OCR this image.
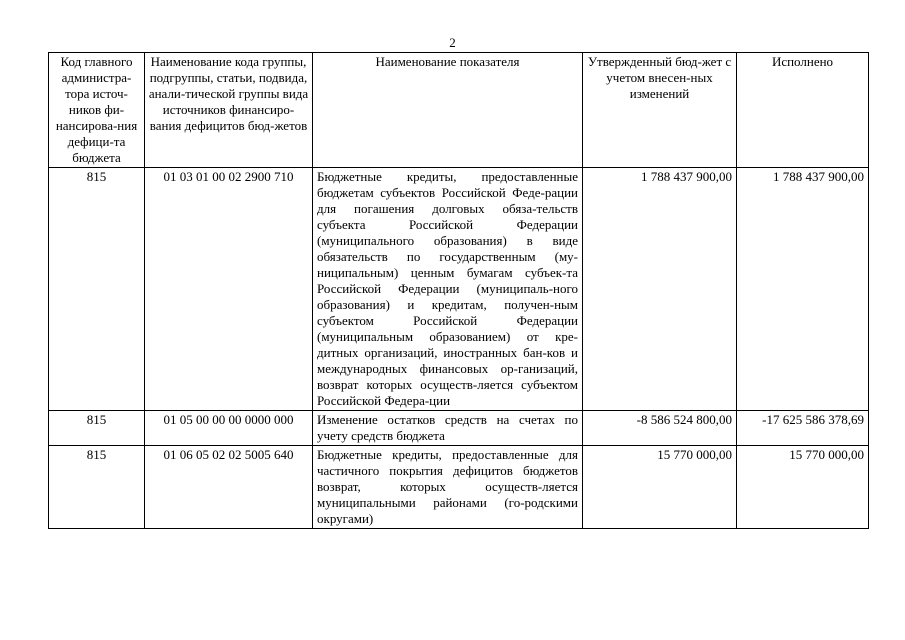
2
Код главного администра-тора источ-ников фи-нансирова-ния дефици-та бюджета	Наименование кода группы, подгруппы, статьи, подвида, анали-тической группы вида источников финансиро-вания дефицитов бюд-жетов	Наименование показателя	Утвержденный бюд-жет с учетом внесен-ных изменений	Исполнено
815	01 03 01 00 02 2900 710	Бюджетные кредиты, предоставленные бюджетам субъектов Российской Феде-рации для погашения долговых обяза-тельств субъекта Российской Федерации (муниципального образования) в виде обязательств по государственным (му-ниципальным) ценным бумагам субъек-та Российской Федерации (муниципаль-ного образования) и кредитам, получен-ным субъектом Российской Федерации (муниципальным образованием) от кре-дитных организаций, иностранных бан-ков и международных финансовых ор-ганизаций, возврат которых осуществ-ляется субъектом Российской Федера-ции	1 788 437 900,00	1 788 437 900,00
815	01 05 00 00 00 0000 000	Изменение остатков средств на счетах по учету средств бюджета	-8 586 524 800,00	-17 625 586 378,69
815	01 06 05 02 02 5005 640	Бюджетные кредиты, предоставленные для частичного покрытия дефицитов бюджетов возврат, которых осуществ-ляется муниципальными районами (го-родскими округами)	15 770 000,00	15 770 000,00
